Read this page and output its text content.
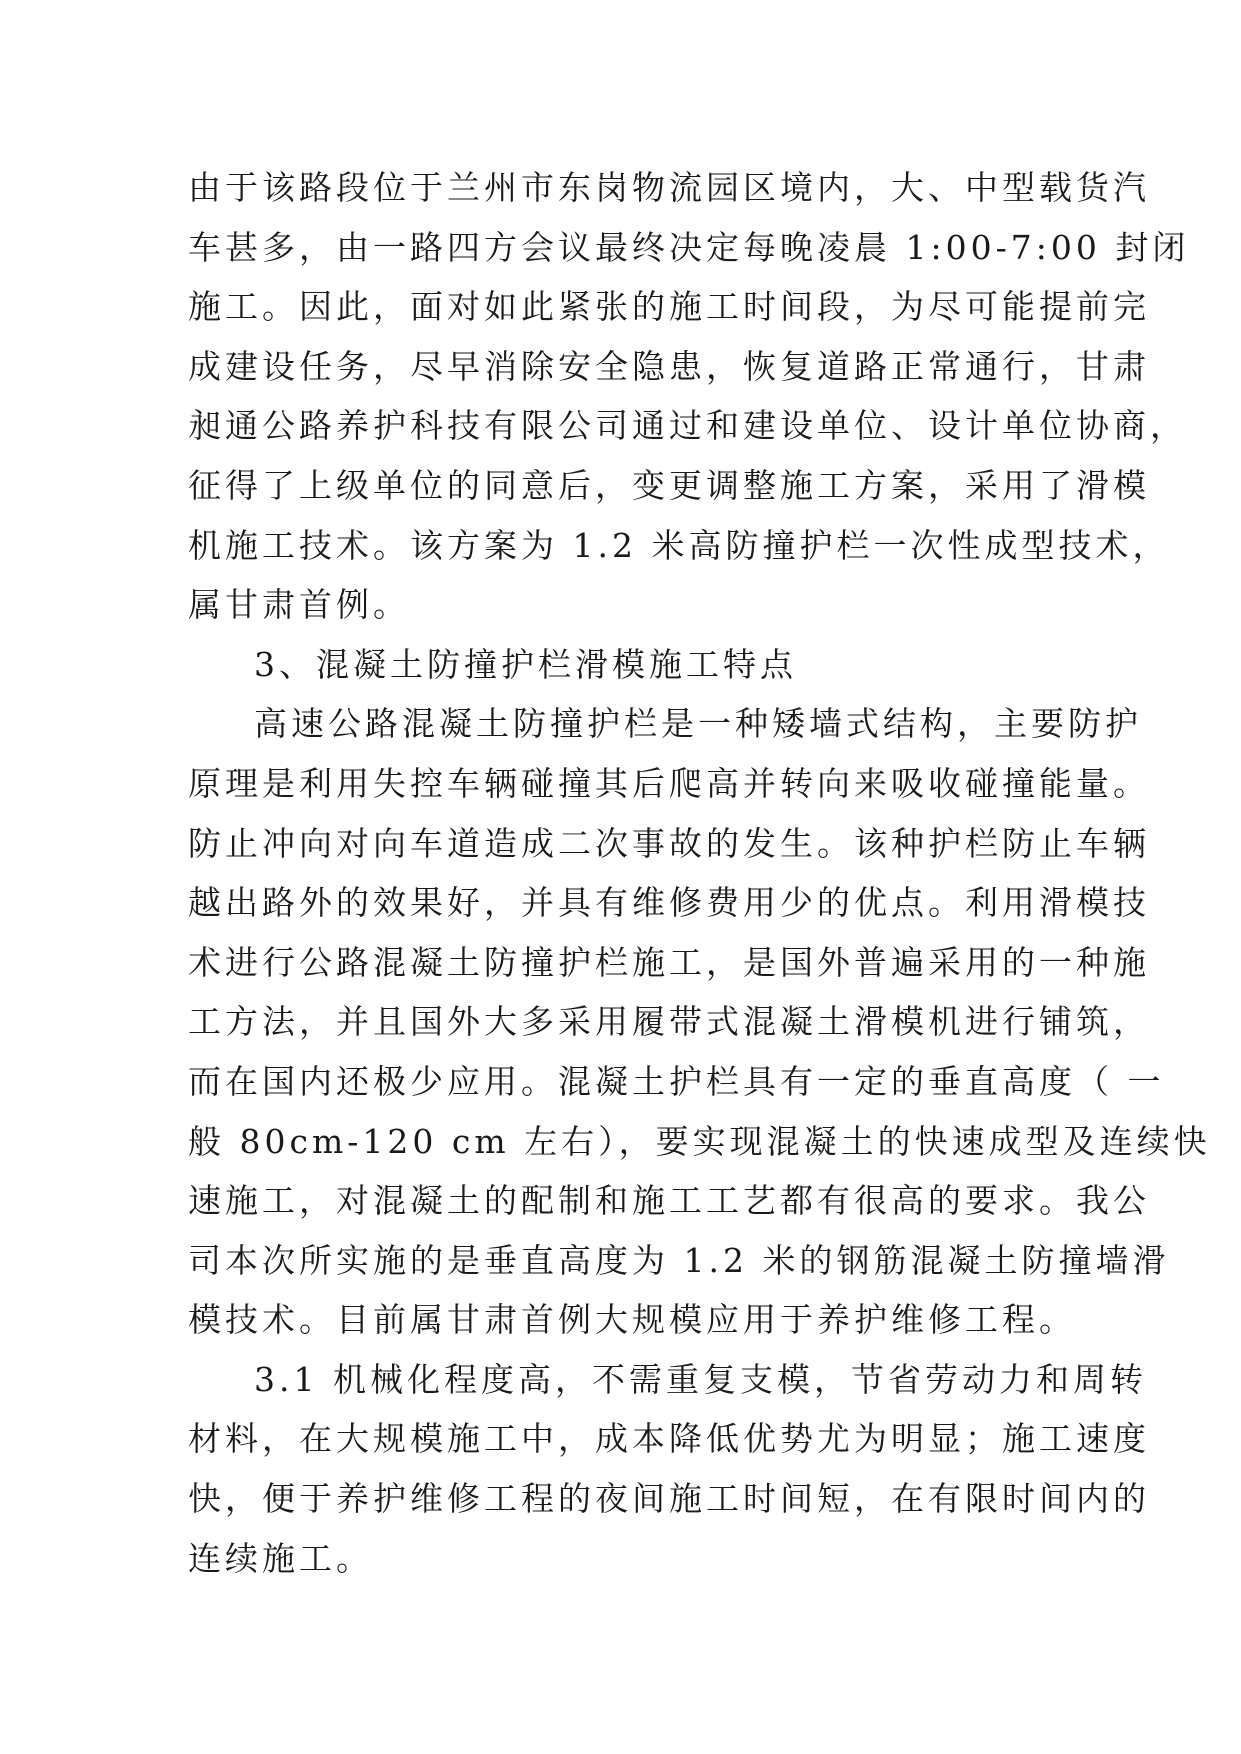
由于该路段位于兰州市东岗物流园区境内，大、中型载货汽
车甚多，由一路四方会议最终决定每晚凌晨 1:00-7:00 封闭
施工。因此，面对如此紧张的施工时间段，为尽可能提前完
成建设任务，尽早消除安全隐患，恢复道路正常通行，甘肃
昶通公路养护科技有限公司通过和建设单位、设计单位协商，
征得了上级单位的同意后，变更调整施工方案，采用了滑模
机施工技术。该方案为 1.2 米高防撞护栏一次性成型技术，
属甘肃首例。
3、混凝土防撞护栏滑模施工特点
高速公路混凝土防撞护栏是一种矮墙式结构，主要防护
原理是利用失控车辆碰撞其后爬高并转向来吸收碰撞能量。
防止冲向对向车道造成二次事故的发生。该种护栏防止车辆
越出路外的效果好，并具有维修费用少的优点。利用滑模技
术进行公路混凝土防撞护栏施工，是国外普遍采用的一种施
工方法，并且国外大多采用履带式混凝土滑模机进行铺筑，
而在国内还极少应用。混凝土护栏具有一定的垂直高度（ 一
般 80cm-120 cm 左右），要实现混凝土的快速成型及连续快
速施工，对混凝土的配制和施工工艺都有很高的要求。我公
司本次所实施的是垂直高度为 1.2 米的钢筋混凝土防撞墙滑
模技术。目前属甘肃首例大规模应用于养护维修工程。
3.1 机械化程度高，不需重复支模，节省劳动力和周转
材料，在大规模施工中，成本降低优势尤为明显；施工速度
快，便于养护维修工程的夜间施工时间短，在有限时间内的
连续施工。
